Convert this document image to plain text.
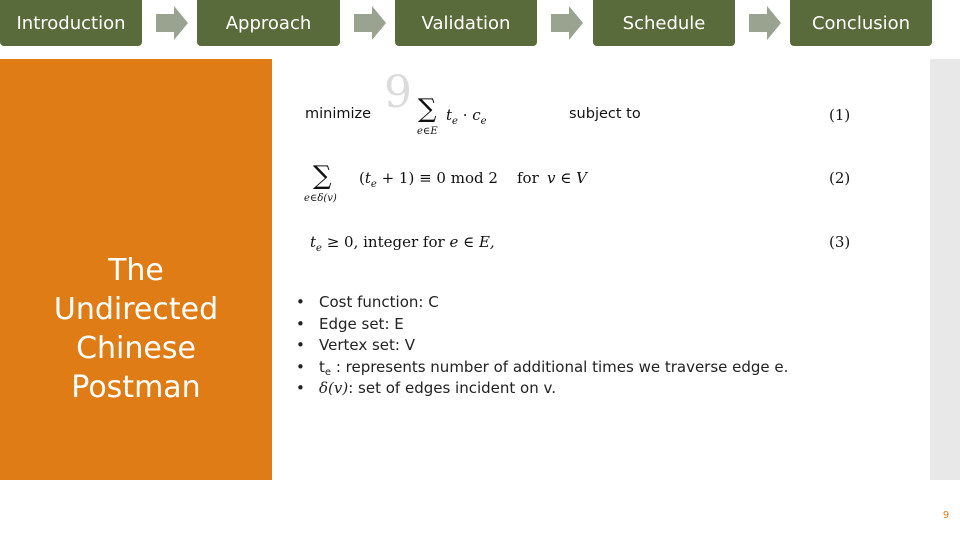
Introduction	Approach	Validation	Schedule	Conclusion
The
Undirected
Chinese
Postman
9
minimize ∑
e∈E
$t_e \cdot c_e$	subject to	(1)
∑
e∈δ(v)
$(t_e + 1) \equiv 0$ mod 2 for v ∈ V	(2)
$t_e \ge 0$, integer for e ∈ E,	(3)
• Cost function: C
• Edge set: E
• Vertex set: V
• $t_e$ : represents number of additional times we traverse edge e.
• δ(v): set of edges incident on v.
9
